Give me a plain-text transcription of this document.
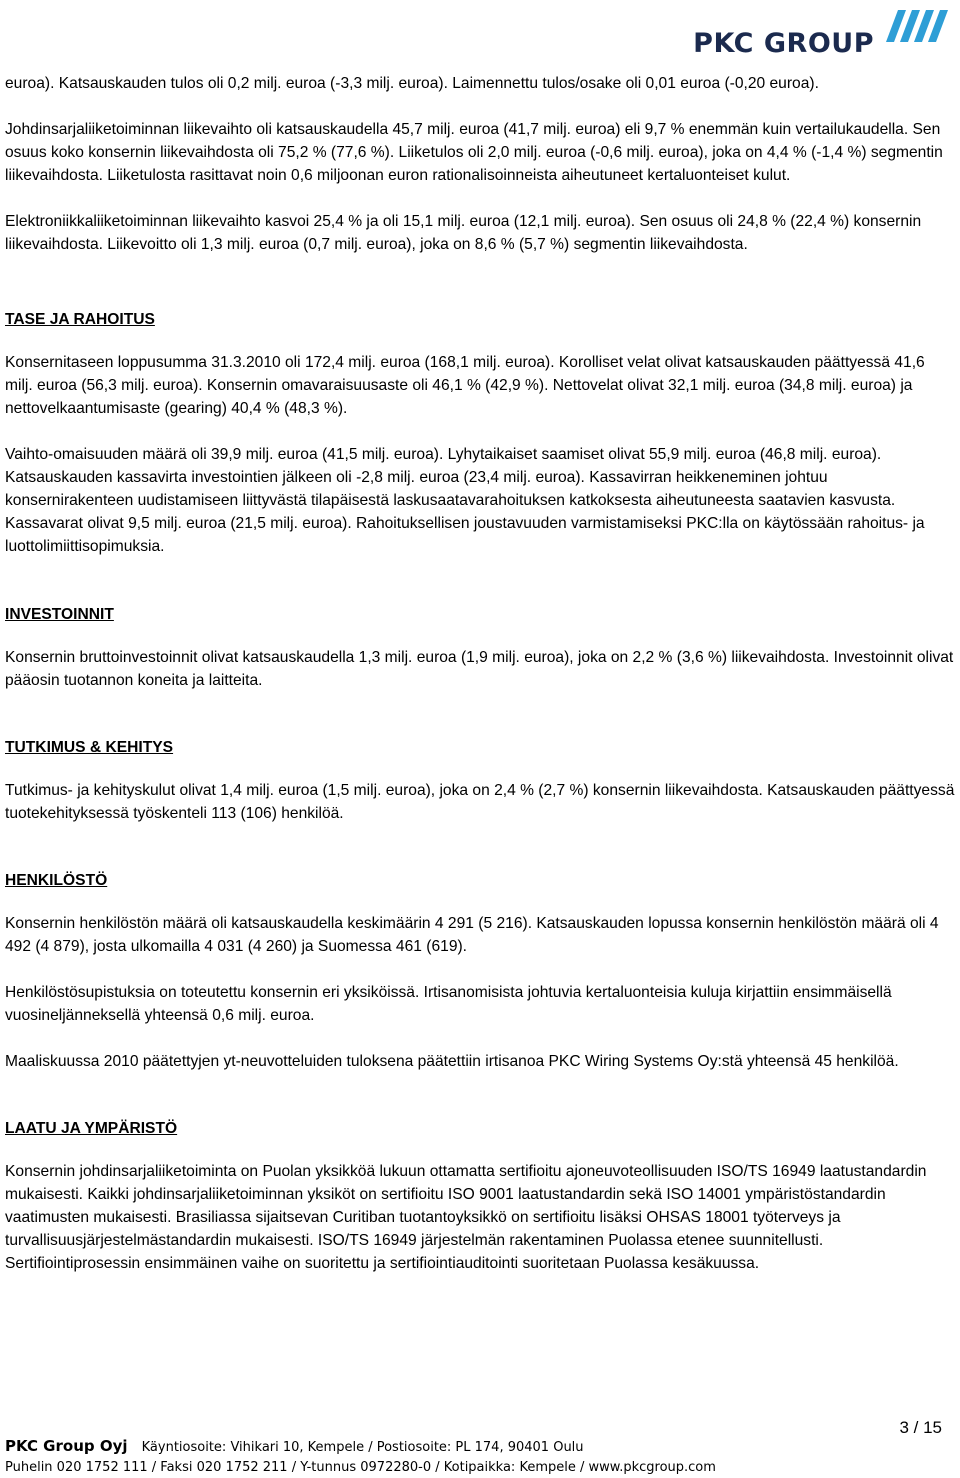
PKC GROUP

euroa). Katsauskauden tulos oli 0,2 milj. euroa (-3,3 milj. euroa). Laimennettu tulos/osake oli 0,01 euroa (-0,20 euroa).

Johdinsarjaliiketoiminnan liikevaihto oli katsauskaudella 45,7 milj. euroa (41,7 milj. euroa) eli 9,7 % enemmän kuin vertailukaudella. Sen osuus koko konsernin liikevaihdosta oli 75,2 % (77,6 %). Liiketulos oli 2,0 milj. euroa (-0,6 milj. euroa), joka on 4,4 % (-1,4 %) segmentin liikevaihdosta. Liiketulosta rasittavat noin 0,6 miljoonan euron rationalisoinneista aiheutuneet kertaluonteiset kulut.

Elektroniikkaliiketoiminnan liikevaihto kasvoi 25,4 % ja oli 15,1 milj. euroa (12,1 milj. euroa). Sen osuus oli 24,8 % (22,4 %) konsernin liikevaihdosta. Liikevoitto oli 1,3 milj. euroa (0,7 milj. euroa), joka on 8,6 % (5,7 %) segmentin liikevaihdosta.

TASE JA RAHOITUS

Konsernitaseen loppusumma 31.3.2010 oli 172,4 milj. euroa (168,1 milj. euroa). Korolliset velat olivat katsauskauden päättyessä 41,6 milj. euroa (56,3 milj. euroa). Konsernin omavaraisuusaste oli 46,1 % (42,9 %). Nettovelat olivat 32,1 milj. euroa (34,8 milj. euroa) ja nettovelkaantumisaste (gearing) 40,4 % (48,3 %).

Vaihto-omaisuuden määrä oli 39,9 milj. euroa (41,5 milj. euroa). Lyhytaikaiset saamiset olivat 55,9 milj. euroa (46,8 milj. euroa). Katsauskauden kassavirta investointien jälkeen oli -2,8 milj. euroa (23,4 milj. euroa). Kassavirran heikkeneminen johtuu konsernirakenteen uudistamiseen liittyvästä tilapäisestä laskusaatavarahoituksen katkoksesta aiheutuneesta saatavien kasvusta. Kassavarat olivat 9,5 milj. euroa (21,5 milj. euroa). Rahoituksellisen joustavuuden varmistamiseksi PKC:lla on käytössään rahoitus- ja luottolimiittisopimuksia.

INVESTOINNIT

Konsernin bruttoinvestoinnit olivat katsauskaudella 1,3 milj. euroa (1,9 milj. euroa), joka on 2,2 % (3,6 %) liikevaihdosta. Investoinnit olivat pääosin tuotannon koneita ja laitteita.

TUTKIMUS & KEHITYS

Tutkimus- ja kehityskulut olivat 1,4 milj. euroa (1,5 milj. euroa), joka on 2,4 % (2,7 %) konsernin liikevaihdosta. Katsauskauden päättyessä tuotekehityksessä työskenteli 113 (106) henkilöä.

HENKILÖSTÖ

Konsernin henkilöstön määrä oli katsauskaudella keskimäärin 4 291 (5 216). Katsauskauden lopussa konsernin henkilöstön määrä oli 4 492 (4 879), josta ulkomailla 4 031 (4 260) ja Suomessa 461 (619).

Henkilöstösupistuksia on toteutettu konsernin eri yksiköissä. Irtisanomisista johtuvia kertaluonteisia kuluja kirjattiin ensimmäisellä vuosineljänneksellä yhteensä 0,6 milj. euroa.

Maaliskuussa 2010 päätettyjen yt-neuvotteluiden tuloksena päätettiin irtisanoa PKC Wiring Systems Oy:stä yhteensä 45 henkilöä.

LAATU JA YMPÄRISTÖ

Konsernin johdinsarjaliiketoiminta on Puolan yksikköä lukuun ottamatta sertifioitu ajoneuvoteollisuuden ISO/TS 16949 laatustandardin mukaisesti. Kaikki johdinsarjaliiketoiminnan yksiköt on sertifioitu ISO 9001 laatustandardin sekä ISO 14001 ympäristöstandardin vaatimusten mukaisesti. Brasiliassa sijaitsevan Curitiban tuotantoyksikkö on sertifioitu lisäksi OHSAS 18001 työterveys ja turvallisuusjärjestelmästandardin mukaisesti. ISO/TS 16949 järjestelmän rakentaminen Puolassa etenee suunnitellusti. Sertifiointiprosessin ensimmäinen vaihe on suoritettu ja sertifiointiauditointi suoritetaan Puolassa kesäkuussa.

3 / 15
PKC Group Oyj Käyntiosoite: Vihikari 10, Kempele / Postiosoite: PL 174, 90401 Oulu
Puhelin 020 1752 111 / Faksi 020 1752 211 / Y-tunnus 0972280-0 / Kotipaikka: Kempele / www.pkcgroup.com
